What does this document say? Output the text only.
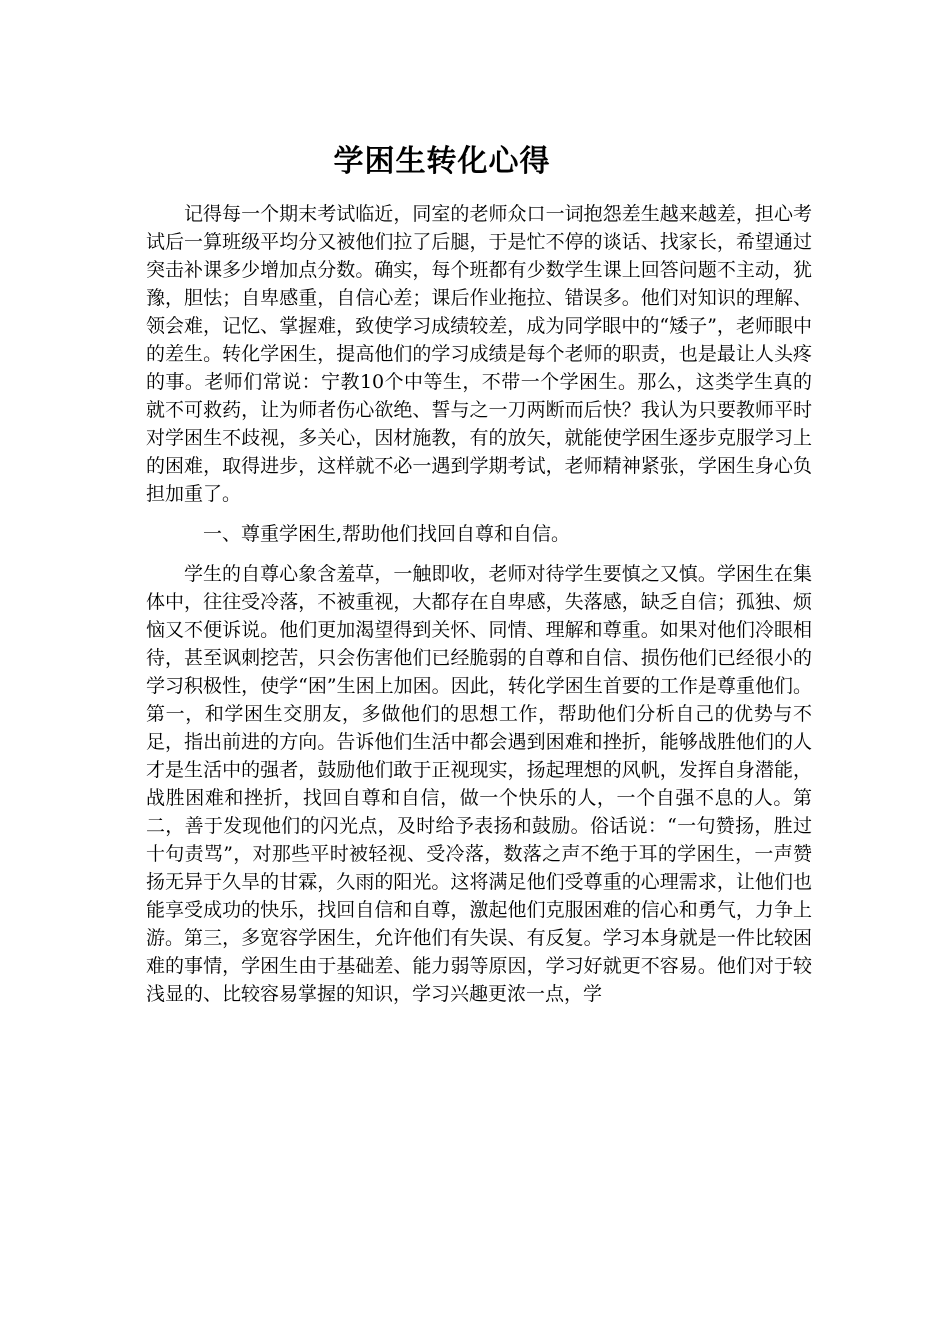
学困生转化心得

记得每一个期末考试临近，同室的老师众口一词抱怨差生越来越差，担心考试后一算班级平均分又被他们拉了后腿，于是忙不停的谈话、找家长，希望通过突击补课多少增加点分数。确实，每个班都有少数学生课上回答问题不主动，犹豫，胆怯；自卑感重，自信心差；课后作业拖拉、错误多。他们对知识的理解、领会难，记忆、掌握难，致使学习成绩较差，成为同学眼中的“矮子”，老师眼中的差生。转化学困生，提高他们的学习成绩是每个老师的职责，也是最让人头疼的事。老师们常说：宁教10个中等生，不带一个学困生。那么，这类学生真的就不可救药，让为师者伤心欲绝、誓与之一刀两断而后快？我认为只要教师平时对学困生不歧视，多关心，因材施教，有的放矢，就能使学困生逐步克服学习上的困难，取得进步，这样就不必一遇到学期考试，老师精神紧张，学困生身心负担加重了。

一、尊重学困生,帮助他们找回自尊和自信。

学生的自尊心象含羞草，一触即收，老师对待学生要慎之又慎。学困生在集体中，往往受冷落，不被重视，大都存在自卑感，失落感，缺乏自信；孤独、烦恼又不便诉说。他们更加渴望得到关怀、同情、理解和尊重。如果对他们冷眼相待，甚至讽刺挖苦，只会伤害他们已经脆弱的自尊和自信、损伤他们已经很小的学习积极性，使学“困”生困上加困。因此，转化学困生首要的工作是尊重他们。第一，和学困生交朋友，多做他们的思想工作，帮助他们分析自己的优势与不足，指出前进的方向。告诉他们生活中都会遇到困难和挫折，能够战胜他们的人才是生活中的强者，鼓励他们敢于正视现实，扬起理想的风帆，发挥自身潜能，战胜困难和挫折，找回自尊和自信，做一个快乐的人，一个自强不息的人。第二，善于发现他们的闪光点，及时给予表扬和鼓励。俗话说：“一句赞扬，胜过十句责骂”，对那些平时被轻视、受冷落，数落之声不绝于耳的学困生，一声赞扬无异于久旱的甘霖，久雨的阳光。这将满足他们受尊重的心理需求，让他们也能享受成功的快乐，找回自信和自尊，激起他们克服困难的信心和勇气，力争上游。第三，多宽容学困生，允许他们有失误、有反复。学习本身就是一件比较困难的事情，学困生由于基础差、能力弱等原因，学习好就更不容易。他们对于较浅显的、比较容易掌握的知识，学习兴趣更浓一点，学
